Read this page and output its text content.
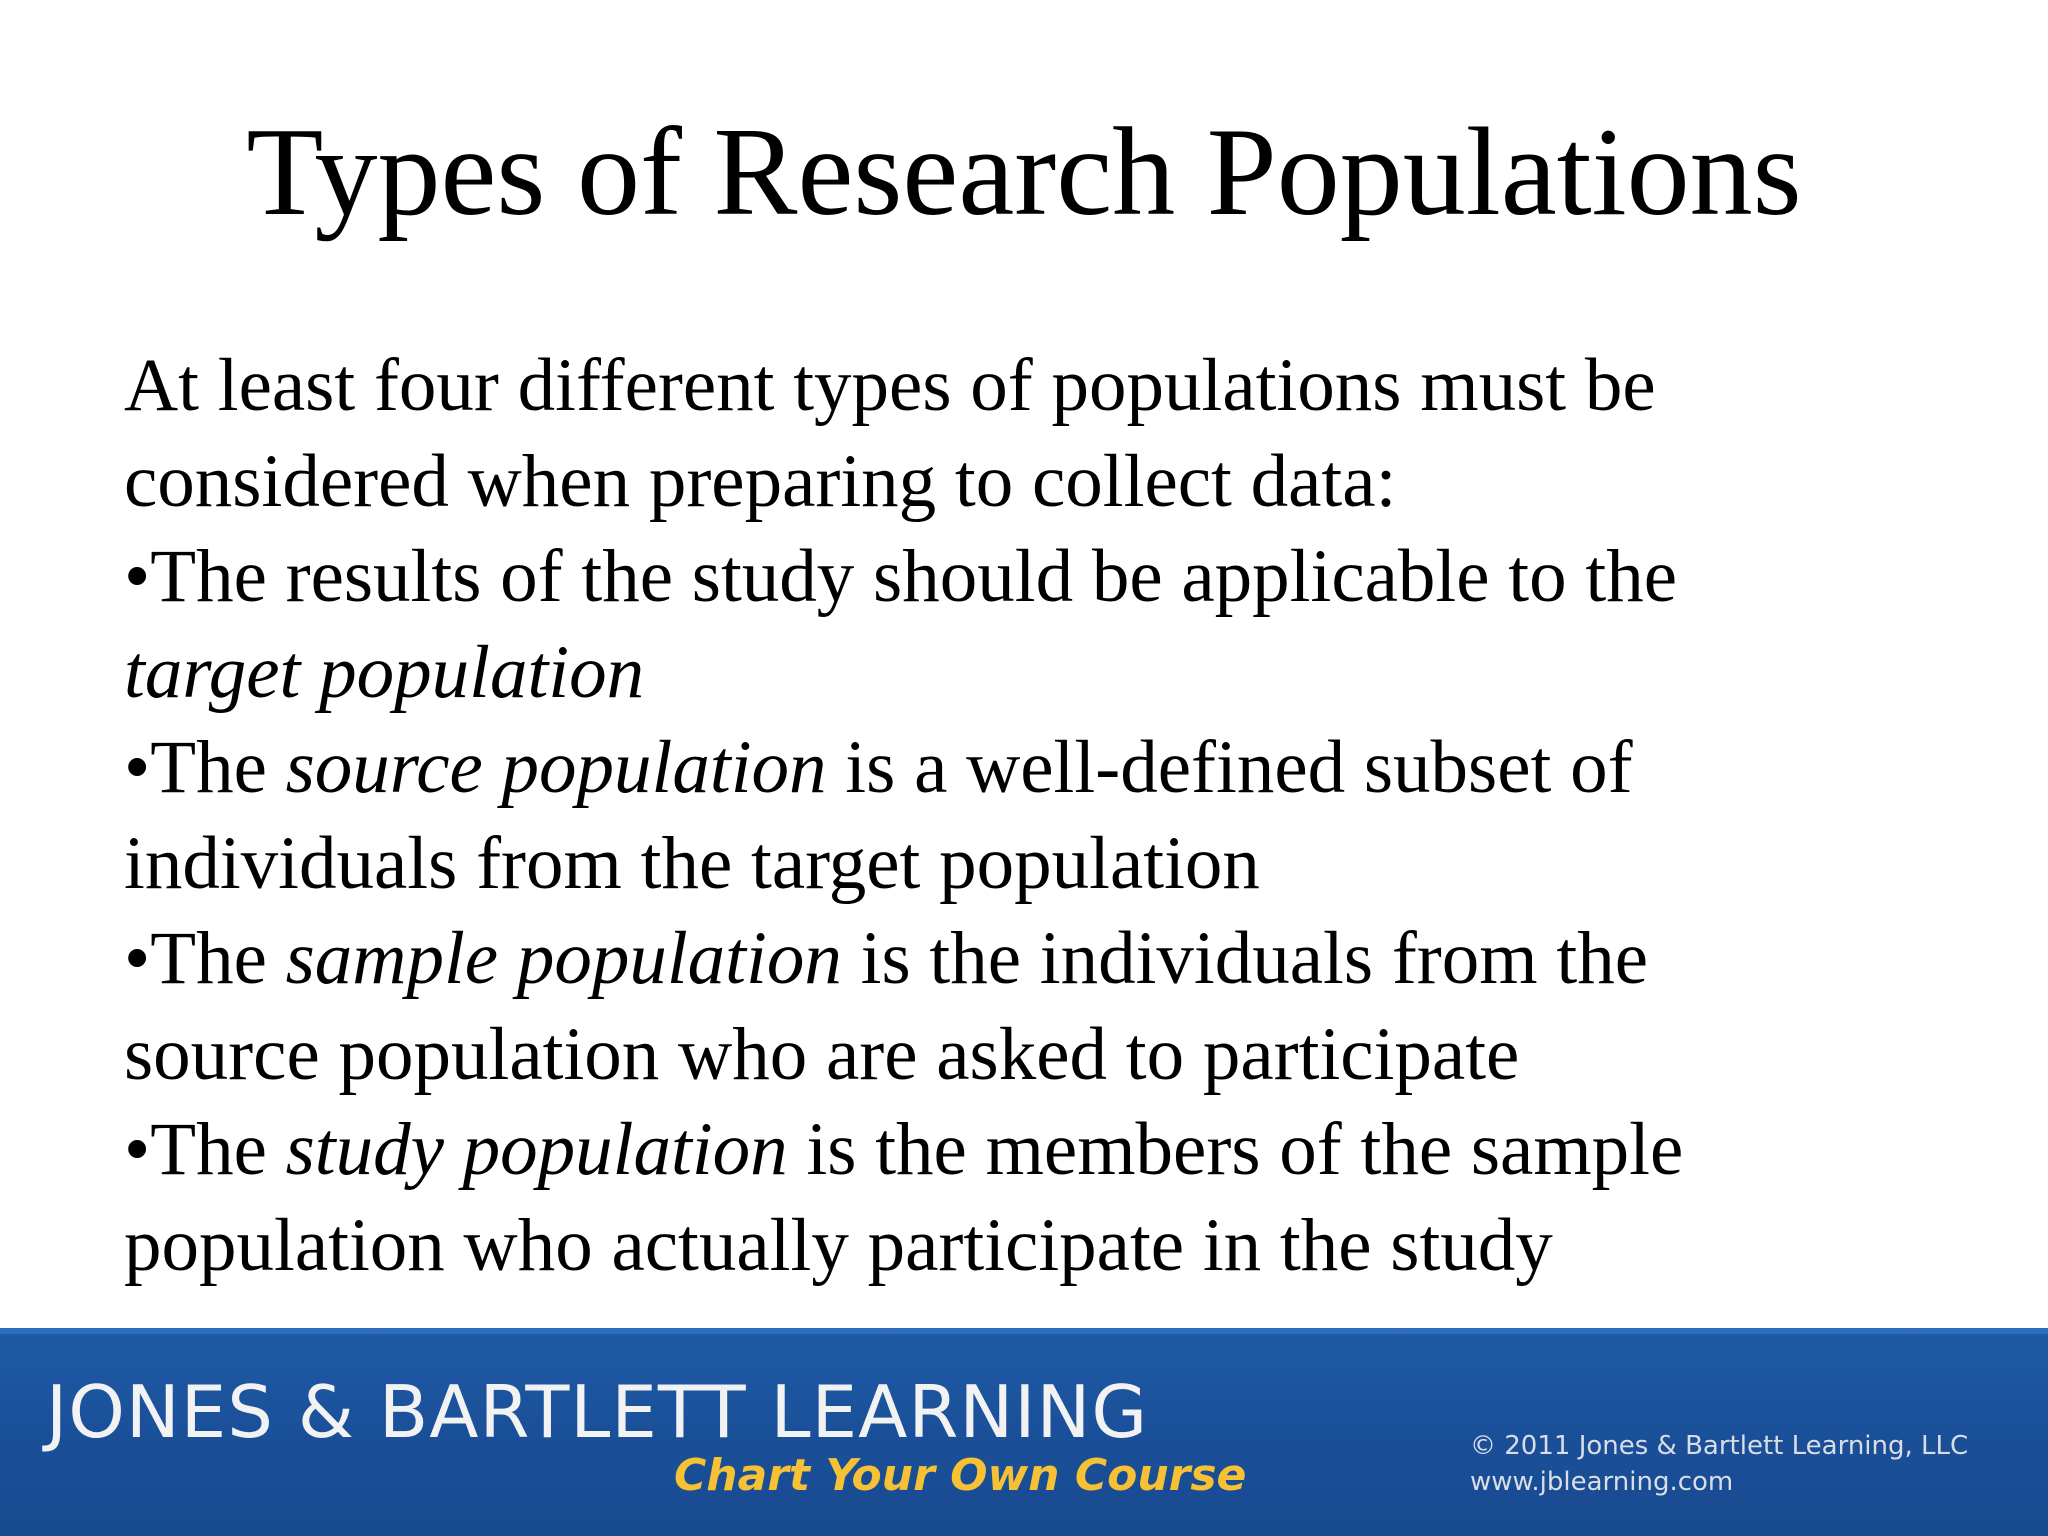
Types of Research Populations
At least four different types of populations must be
considered when preparing to collect data:
•The results of the study should be applicable to the
target population
•The source population is a well-defined subset of
individuals from the target population
•The sample population is the individuals from the
source population who are asked to participate
•The study population is the members of the sample
population who actually participate in the study
JONES & BARTLETT LEARNING
Chart Your Own Course
© 2011 Jones & Bartlett Learning, LLC
www.jblearning.com
